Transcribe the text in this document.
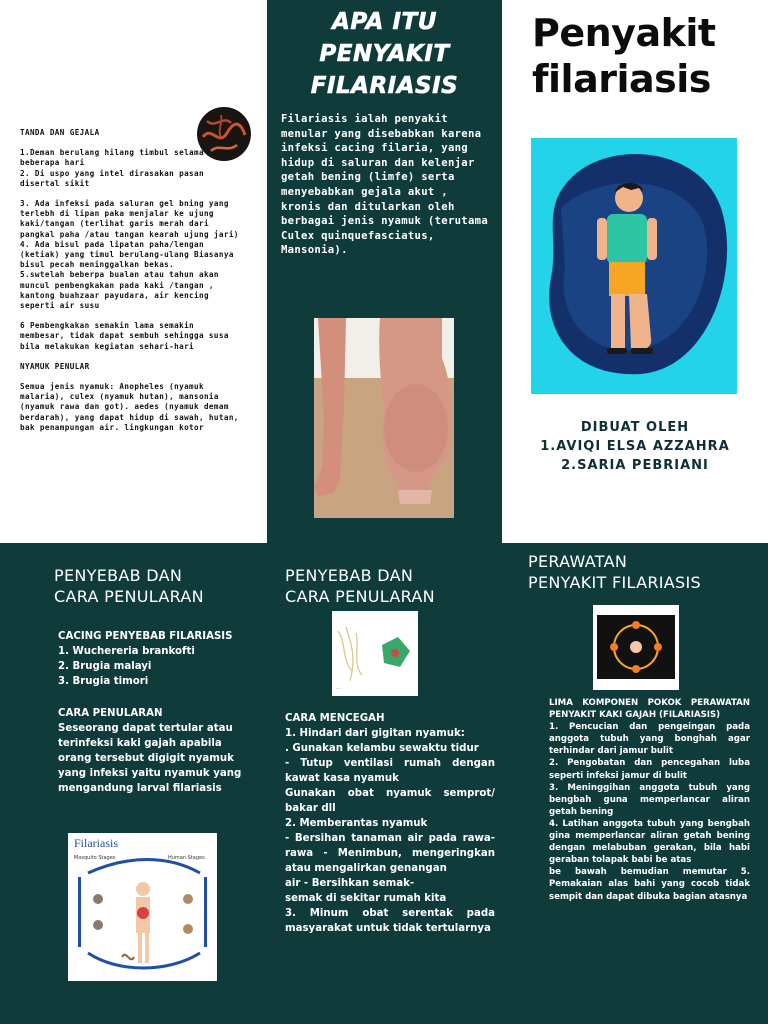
TANDA DAN GEJALA

1.Deman berulang hilang timbul selama beberapa hari
2. Di uspo yang intel dirasakan pasan disertal sikit

3. Ada infeksi pada saluran gel bning yang terlebh di lipan paka menjalar ke ujung kaki/tangan (terlihat garis merah dari pangkal paha /atau tangan kearah ujung jari)
4. Ada bisul pada lipatan paha/lengan (ketiak) yang timul berulang-ulang Biasanya bisul pecah meninggalkan bekas.
5.swtelah beberpa bualan atau tahun akan muncul pembengkakan pada kaki /tangan , kantong buahzaar payudara, air kencing seperti air susu

6 Pembengkakan semakin lama semakin membesar, tidak dapat sembuh sehingga susa bila melakukan kegiatan sehari-hari

NYAMUK PENULAR

Semua jenis nyamuk: Anopheles (nyamuk malaria), culex (nyamuk hutan), mansonia (nyamuk rawa dan got). aedes (nyamuk demam berdarah), yang dapat hidup di sawah, hutan, bak penampungan air. lingkungan kotor

APA ITU
PENYAKIT
FILARIASIS
Filariasis ialah penyakit menular yang disebabkan karena infeksi cacing filaria, yang hidup di saluran dan kelenjar getah bening (limfe) serta menyebabkan gejala akut , kronis dan ditularkan oleh berbagai jenis nyamuk (terutama Culex quinquefasciatus, Mansonia).
Penyakit
filariasis
DIBUAT OLEH
1.AVIQI ELSA AZZAHRA
2.SARIA PEBRIANI
PENYEBAB DAN
CARA PENULARAN
CACING PENYEBAB FILARIASIS
1. Wuchereria brankofti
2. Brugia malayi
3. Brugia timori
CARA PENULARAN
Seseorang dapat tertular atau terinfeksi kaki gajah apabila orang tersebut digigit nyamuk yang infeksi yaitu nyamuk yang mengandung larval filariasis
Filariasis
Mosquito Stages	Human Stages
PENYEBAB DAN
CARA PENULARAN
....
CARA MENCEGAH
1. Hindari dari gigitan nyamuk:
. Gunakan kelambu sewaktu tidur
- Tutup ventilasi rumah dengan kawat kasa nyamuk
Gunakan obat nyamuk semprot/ bakar dll
2. Memberantas nyamuk
- Bersihan tanaman air pada rawa-rawa - Menimbun, mengeringkan atau mengalirkan genangan
air - Bersihkan semak-
semak di sekitar rumah kita
3. Minum obat serentak pada masyarakat untuk tidak tertularnya
PERAWATAN
PENYAKIT FILARIASIS
LIMA KOMPONEN POKOK PERAWATAN PENYAKIT KAKI GAJAH (FILARIASIS)
1. Pencucian dan pengeingan pada anggota tubuh yang bonghah agar terhindar dari jamur bulit
2. Pengobatan dan pencegahan luba seperti infeksi jamur di bulit
3. Meninggihan anggota tubuh yang bengbah guna memperlancar aliran getah bening
4. Latihan anggota tubuh yang bengbah gina memperlancar aliran getah bening dengan melabuban gerakan, bila habi geraban tolapak babi be atas
be bawah bemudian memutar 5. Pemakaian alas bahi yang cocob tidak sempit dan dapat dibuka bagian atasnya
